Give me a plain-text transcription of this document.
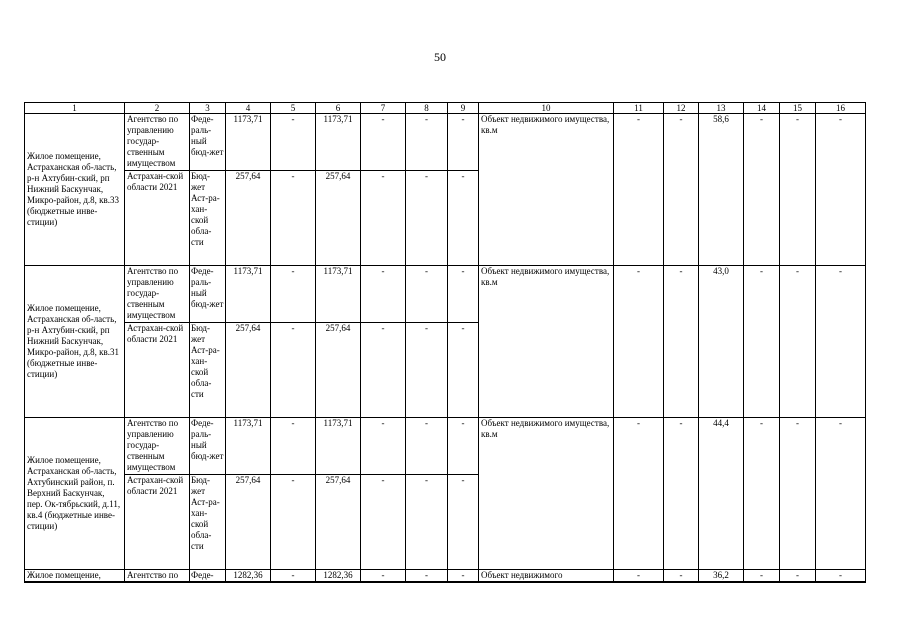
50
1	2	3	4	5	6	7	8	9	10	11	12	13	14	15	16
Жилое помещение, Астраханская об-ласть, р-н Ахтубин-ский, рп Нижний Баскунчак, Микро-район, д.8, кв.33 (бюджетные инве-стиции)	Агентство по управлению государ-ственным имуществом	Феде-раль-ный бюд-жет	1173,71	-	1173,71	-	-	-	Объект недвижимого имущества, кв.м	-	-	58,6	-	-	-
	Астрахан-ской области 2021	Бюд-жет Аст-ра-хан-ской обла-сти	257,64	-	257,64	-	-	-							
Жилое помещение, Астраханская об-ласть, р-н Ахтубин-ский, рп Нижний Баскунчак, Микро-район, д.8, кв.31 (бюджетные инве-стиции)	Агентство по управлению государ-ственным имуществом	Феде-раль-ный бюд-жет	1173,71	-	1173,71	-	-	-	Объект недвижимого имущества, кв.м	-	-	43,0	-	-	-
	Астрахан-ской области 2021	Бюд-жет Аст-ра-хан-ской обла-сти	257,64	-	257,64	-	-	-							
Жилое помещение, Астраханская об-ласть, Ахтубинский район, п. Верхний Баскунчак, пер. Ок-тябрьский, д.11, кв.4 (бюджетные инве-стиции)	Агентство по управлению государ-ственным имуществом	Феде-раль-ный бюд-жет	1173,71	-	1173,71	-	-	-	Объект недвижимого имущества, кв.м	-	-	44,4	-	-	-
	Астрахан-ской области 2021	Бюд-жет Аст-ра-хан-ской обла-сти	257,64	-	257,64	-	-	-							
Жилое помещение,	Агентство по	Феде-	1282,36	-	1282,36	-	-	-	Объект недвижимого	-	-	36,2	-	-	-
